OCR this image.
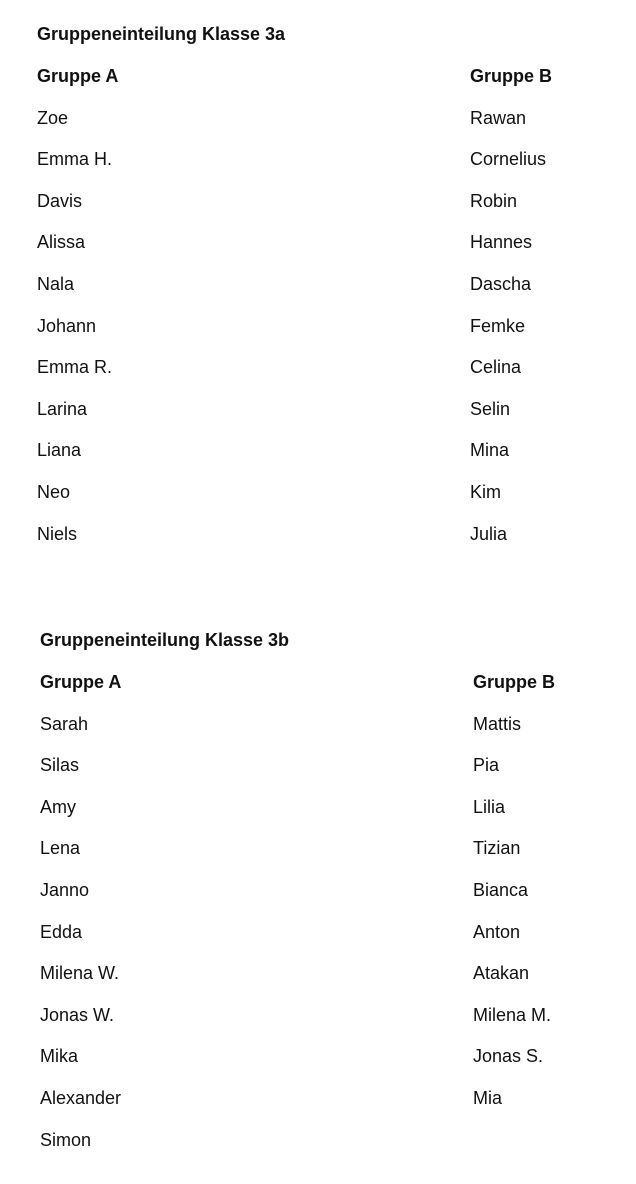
Gruppeneinteilung Klasse 3a
Gruppe A
Zoe
Emma H.
Davis
Alissa
Nala
Johann
Emma R.
Larina
Liana
Neo
Niels
Gruppe B
Rawan
Cornelius
Robin
Hannes
Dascha
Femke
Celina
Selin
Mina
Kim
Julia
Gruppeneinteilung Klasse 3b
Gruppe A
Sarah
Silas
Amy
Lena
Janno
Edda
Milena W.
Jonas W.
Mika
Alexander
Simon
Gruppe B
Mattis
Pia
Lilia
Tizian
Bianca
Anton
Atakan
Milena M.
Jonas S.
Mia
